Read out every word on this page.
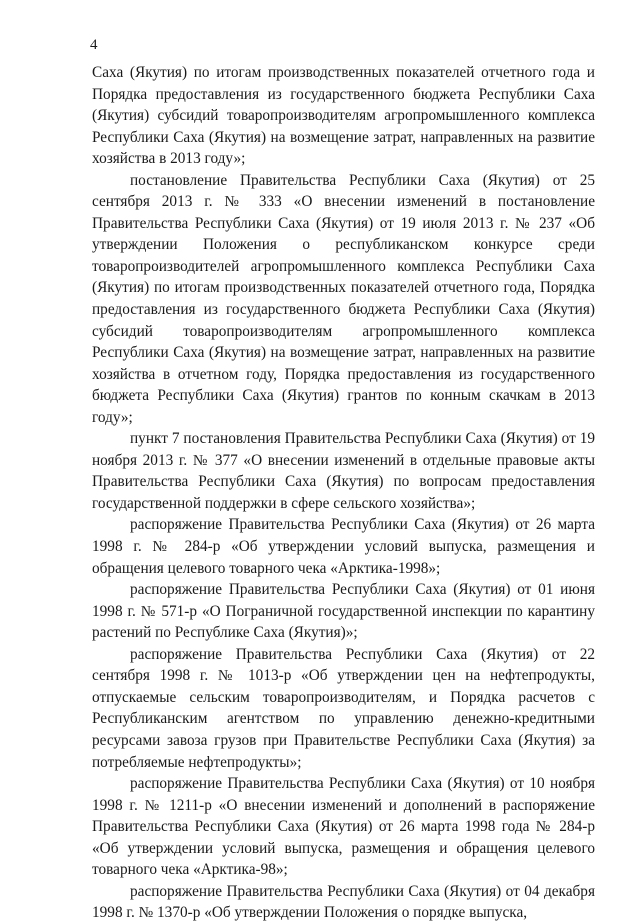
4

Саха (Якутия) по итогам производственных показателей отчетного года и Порядка предоставления из государственного бюджета Республики Саха (Якутия) субсидий товаропроизводителям агропромышленного комплекса Республики Саха (Якутия) на возмещение затрат, направленных на развитие хозяйства в 2013 году»;

постановление Правительства Республики Саха (Якутия) от 25 сентября 2013 г. № 333 «О внесении изменений в постановление Правительства Республики Саха (Якутия) от 19 июля 2013 г. № 237 «Об утверждении Положения о республиканском конкурсе среди товаропроизводителей агропромышленного комплекса Республики Саха (Якутия) по итогам производственных показателей отчетного года, Порядка предоставления из государственного бюджета Республики Саха (Якутия) субсидий товаропроизводителям агропромышленного комплекса Республики Саха (Якутия) на возмещение затрат, направленных на развитие хозяйства в отчетном году, Порядка предоставления из государственного бюджета Республики Саха (Якутия) грантов по конным скачкам в 2013 году»;

пункт 7 постановления Правительства Республики Саха (Якутия) от 19 ноября 2013 г. № 377 «О внесении изменений в отдельные правовые акты Правительства Республики Саха (Якутия) по вопросам предоставления государственной поддержки в сфере сельского хозяйства»;

распоряжение Правительства Республики Саха (Якутия) от 26 марта 1998 г. № 284-р «Об утверждении условий выпуска, размещения и обращения целевого товарного чека «Арктика-1998»;

распоряжение Правительства Республики Саха (Якутия) от 01 июня 1998 г. № 571-р «О Пограничной государственной инспекции по карантину растений по Республике Саха (Якутия)»;

распоряжение Правительства Республики Саха (Якутия) от 22 сентября 1998 г. № 1013-р «Об утверждении цен на нефтепродукты, отпускаемые сельским товаропроизводителям, и Порядка расчетов с Республиканским агентством по управлению денежно-кредитными ресурсами завоза грузов при Правительстве Республики Саха (Якутия) за потребляемые нефтепродукты»;

распоряжение Правительства Республики Саха (Якутия) от 10 ноября 1998 г. № 1211-р «О внесении изменений и дополнений в распоряжение Правительства Республики Саха (Якутия) от 26 марта 1998 года № 284-р «Об утверждении условий выпуска, размещения и обращения целевого товарного чека «Арктика-98»;

распоряжение Правительства Республики Саха (Якутия) от 04 декабря 1998 г. № 1370-р «Об утверждении Положения о порядке выпуска,
